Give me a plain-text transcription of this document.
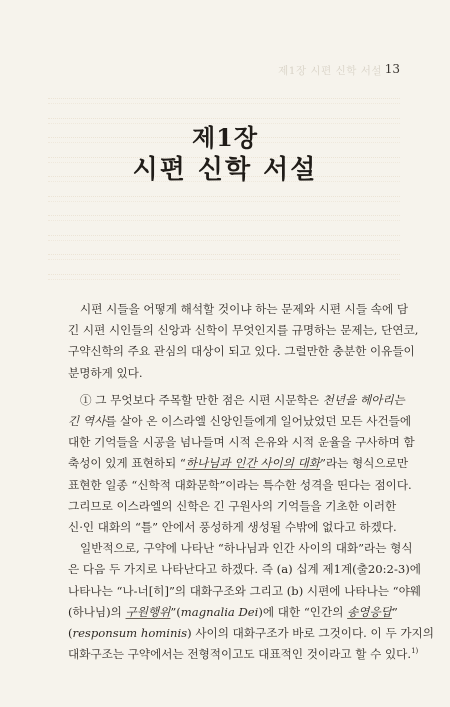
제1장 시편 신학 서설 13
제1장
시편 신학 서설
시편 시들을 어떻게 해석할 것이냐 하는 문제와 시편 시들 속에 담
긴 시편 시인들의 신앙과 신학이 무엇인지를 규명하는 문제는, 단연코,
구약신학의 주요 관심의 대상이 되고 있다. 그럴만한 충분한 이유들이
분명하게 있다.
① 그 무엇보다 주목할 만한 점은 시편 시문학은 천년을 헤아리는
긴 역사를 살아 온 이스라엘 신앙인들에게 일어났었던 모든 사건들에
대한 기억들을 시공을 넘나들며 시적 은유와 시적 운율을 구사하며 함
축성이 있게 표현하되 “하나님과 인간 사이의 대화”라는 형식으로만
표현한 일종 “신학적 대화문학”이라는 특수한 성격을 띤다는 점이다.
그리므로 이스라엘의 신학은 긴 구원사의 기억들을 기초한 이러한
신·인 대화의 “틀” 안에서 풍성하게 생성될 수밖에 없다고 하겠다.
일반적으로, 구약에 나타난 “하나님과 인간 사이의 대화”라는 형식
은 다음 두 가지로 나타난다고 하겠다. 즉 (a) 십계 제1계(출20:2-3)에
나타나는 “나-너[히]”의 대화구조와 그리고 (b) 시편에 나타나는 “야웨
(하나님)의 구원행위”(magnalia Dei)에 대한 “인간의 송영응답”
(responsum hominis) 사이의 대화구조가 바로 그것이다. 이 두 가지의
대화구조는 구약에서는 전형적이고도 대표적인 것이라고 할 수 있다.$^{1)}$
